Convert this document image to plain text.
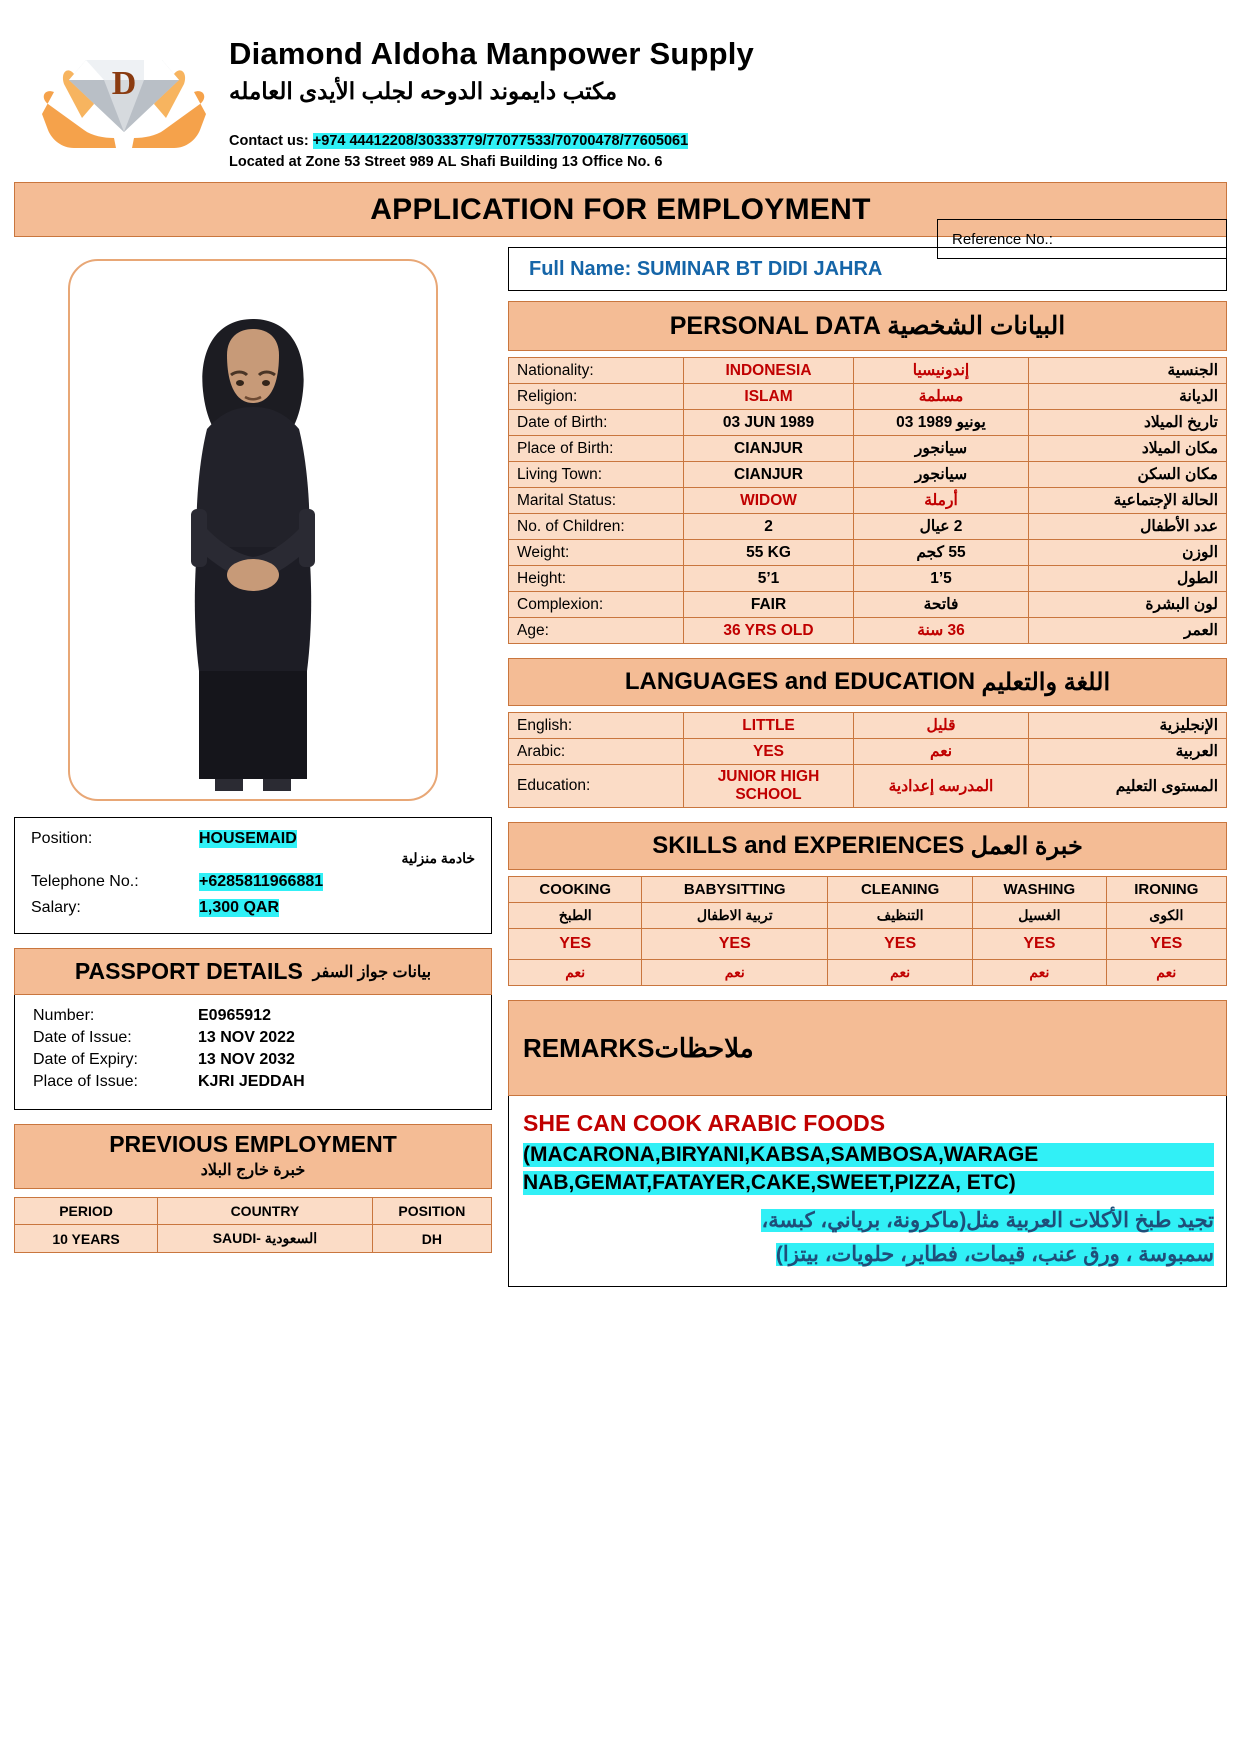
D
Diamond Aldoha Manpower Supply
مكتب دايموند الدوحه لجلب الأيدى العامله
Contact us: +974 44412208/30333779/77077533/70700478/77605061
Located at Zone 53 Street 989 AL Shafi Building 13 Office No. 6
Reference No.:
APPLICATION FOR EMPLOYMENT
Position:	HOUSEMAID
خادمة منزلية
Telephone No.:	+6285811966881
Salary:	1,300 QAR
PASSPORT DETAILS بيانات جواز السفر
Number:	E0965912
Date of Issue:	13 NOV 2022
Date of Expiry:	13 NOV 2032
Place of Issue:	KJRI JEDDAH
PREVIOUS EMPLOYMENT
خبرة خارج البلاد
PERIOD	COUNTRY	POSITION
10 YEARS	السعودية -SAUDI	DH
Full Name:
SUMINAR BT DIDI JAHRA
PERSONAL DATA
البيانات الشخصية
Nationality:	INDONESIA	إندونيسيا	الجنسية
Religion:	ISLAM	مسلمة	الديانة
Date of Birth:	03 JUN 1989	يونيو 1989 03	تاريخ الميلاد
Place of Birth:	CIANJUR	سيانجور	مكان الميلاد
Living Town:	CIANJUR	سيانجور	مكان السكن
Marital Status:	WIDOW	أرملة	الحالة الإجتماعية
No. of Children:	2	2 عيال	عدد الأطفال
Weight:	55 KG	55 كجم	الوزن
Height:	5’1	5’1	الطول
Complexion:	FAIR	فاتحة	لون البشرة
Age:	36 YRS OLD	36 سنة	العمر
LANGUAGES and EDUCATION
اللغة والتعليم
English:	LITTLE	قليل	الإنجليزية
Arabic:	YES	نعم	العربية
Education:	JUNIOR HIGH SCHOOL	المدرسه إعدادية	المستوى التعليم
SKILLS and EXPERIENCES
خبرة العمل
COOKING	BABYSITTING	CLEANING	WASHING	IRONING
الطبخ	تربية الاطفال	التنظيف	الغسيل	الكوى
YES	YES	YES	YES	YES
نعم	نعم	نعم	نعم	نعم
ملاحظاتREMARKS
SHE CAN COOK ARABIC FOODS
(MACARONA,BIRYANI,KABSA,SAMBOSA,WARAGE
NAB,GEMAT,FATAYER,CAKE,SWEET,PIZZA, ETC)
تجيد طبخ الأكلات العربية مثل(ماكرونة، برياني، كبسة،
سمبوسة ، ورق عنب، قيمات، فطاير، حلويات، بيتزا)
